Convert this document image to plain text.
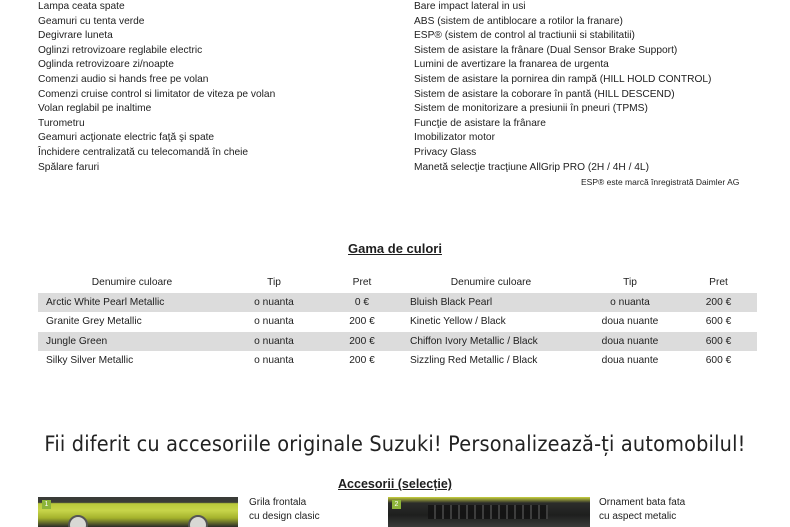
Lampa ceata spate
Geamuri cu tenta verde
Degivrare luneta
Oglinzi retrovizoare reglabile electric
Oglinda retrovizoare zi/noapte
Comenzi audio si hands free pe volan
Comenzi cruise control si limitator de viteza pe volan
Volan reglabil pe inaltime
Turometru
Geamuri acţionate electric faţă şi spate
Închidere centralizată cu telecomandă în cheie
Spălare faruri
Bare impact lateral in usi
ABS (sistem de antiblocare a rotilor la franare)
ESP® (sistem de control al tractiunii si stabilitatii)
Sistem de asistare la frânare (Dual Sensor Brake Support)
Lumini de avertizare la franarea de urgenta
Sistem de asistare la pornirea din rampă (HILL HOLD CONTROL)
Sistem de asistare la coborare în pantă (HILL DESCEND)
Sistem de monitorizare a presiunii în pneuri (TPMS)
Funcţie de asistare la frânare
Imobilizator motor
Privacy Glass
Manetă selecţie tracţiune AllGrip PRO (2H / 4H / 4L)
ESP® este marcă înregistrată Daimler AG
Gama de culori
Denumire culoare	Tip	Pret	Denumire culoare	Tip	Pret
Arctic White Pearl Metallic	o nuanta	0 €	Bluish Black Pearl	o nuanta	200 €
Granite Grey Metallic	o nuanta	200 €	Kinetic Yellow / Black	doua nuante	600 €
Jungle Green	o nuanta	200 €	Chiffon Ivory Metallic / Black	doua nuante	600 €
Silky Silver Metallic	o nuanta	200 €	Sizzling Red Metallic / Black	doua nuante	600 €
Fii diferit cu accesoriile originale Suzuki! Personalizează-ți automobilul!
Accesorii (selecție)
1	Grila frontala
cu design clasic
2	Ornament bata fata
cu aspect metalic
